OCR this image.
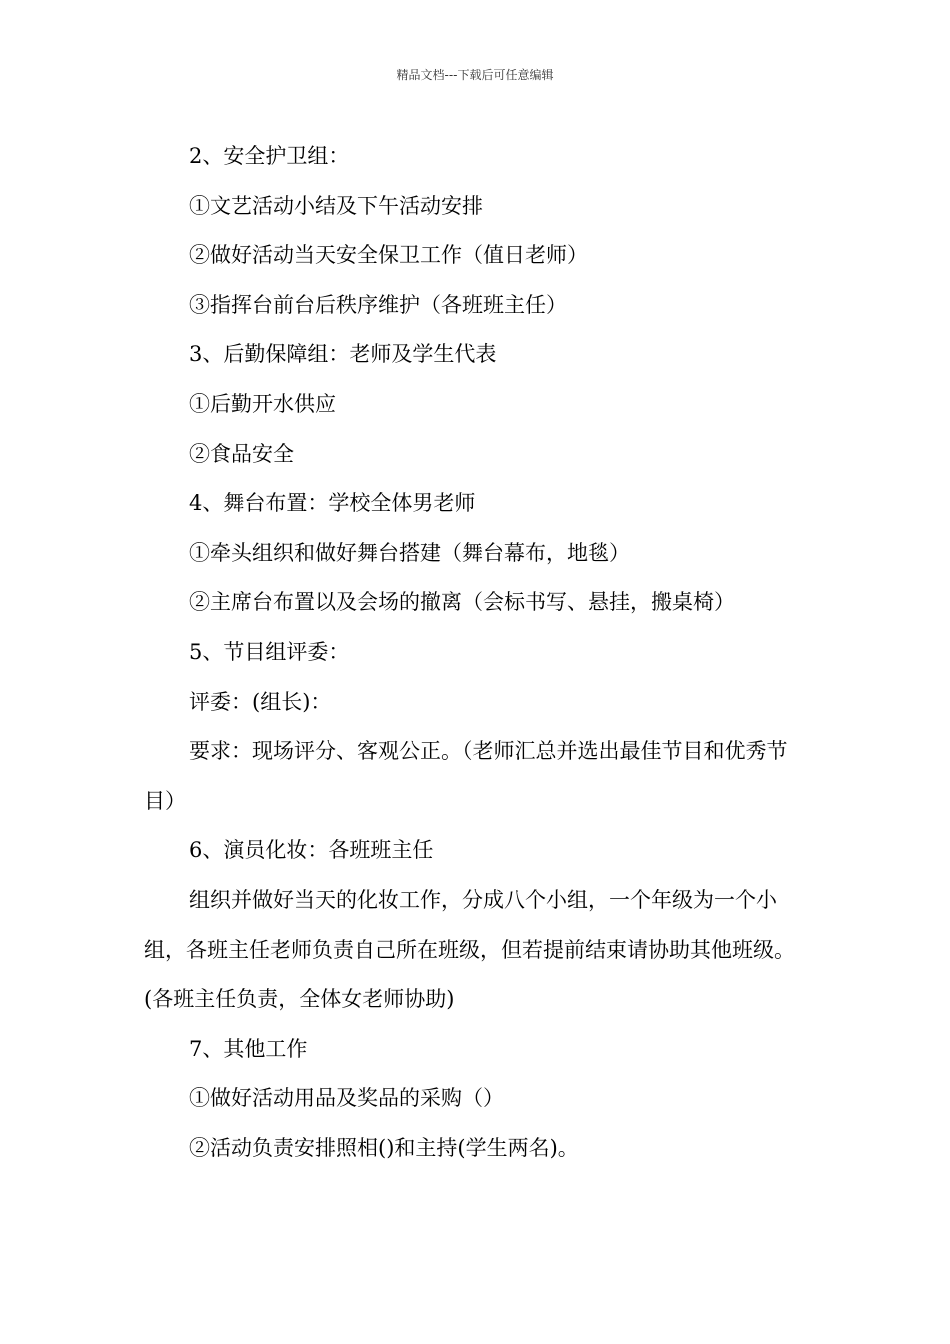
精品文档---下载后可任意编辑
2、安全护卫组：
①文艺活动小结及下午活动安排
②做好活动当天安全保卫工作（值日老师）
③指挥台前台后秩序维护（各班班主任）
3、后勤保障组：老师及学生代表
①后勤开水供应
②食品安全
4、舞台布置：学校全体男老师
①牵头组织和做好舞台搭建（舞台幕布，地毯）
②主席台布置以及会场的撤离（会标书写、悬挂，搬桌椅）
5、节目组评委：
评委：(组长)：
要求：现场评分、客观公正。（老师汇总并选出最佳节目和优秀节目）
6、演员化妆：各班班主任
组织并做好当天的化妆工作，分成八个小组，一个年级为一个小组，各班主任老师负责自己所在班级，但若提前结束请协助其他班级。
(各班主任负责，全体女老师协助)
7、其他工作
①做好活动用品及奖品的采购（）
②活动负责安排照相()和主持(学生两名)。
